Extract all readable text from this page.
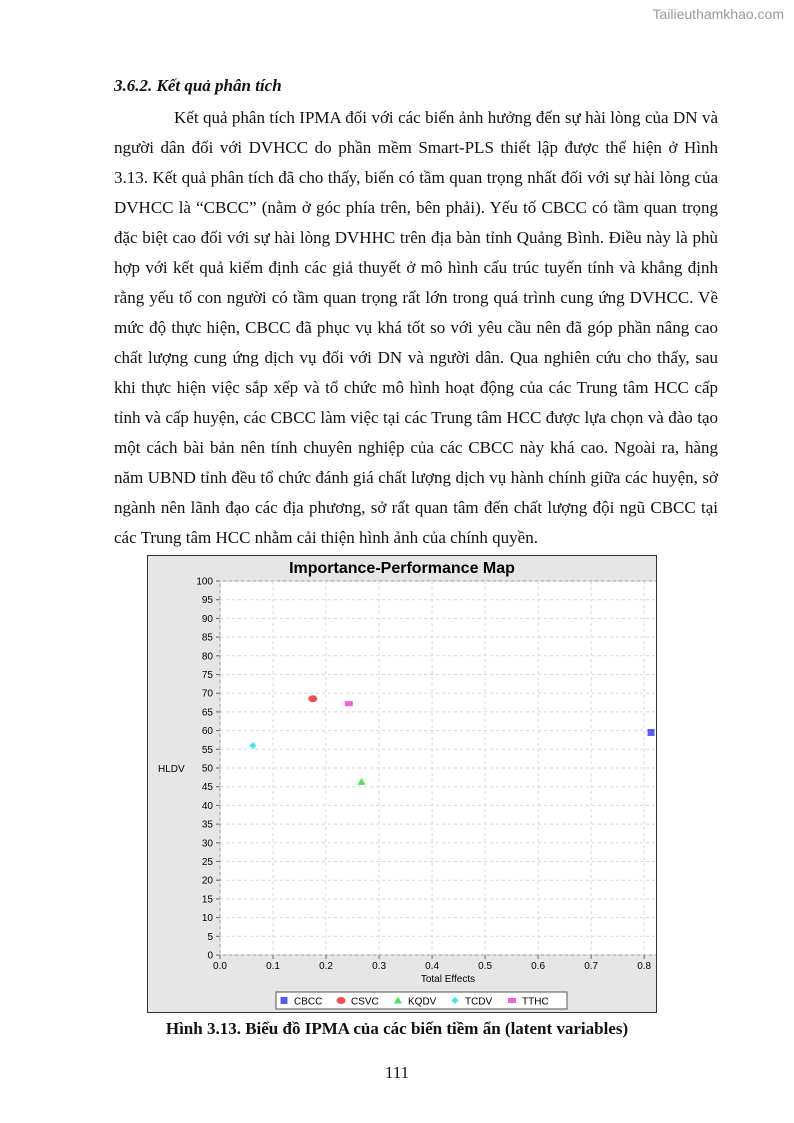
Tailieuthamkhao.com
3.6.2. Kết quả phân tích

Kết quả phân tích IPMA đối với các biến ảnh hưởng đến sự hài lòng của DN và người dân đối với DVHCC do phần mềm Smart-PLS thiết lập được thể hiện ở Hình 3.13. Kết quả phân tích đã cho thấy, biến có tầm quan trọng nhất đối với sự hài lòng của DVHCC là “CBCC” (nằm ở góc phía trên, bên phải). Yếu tố CBCC có tầm quan trọng đặc biệt cao đối với sự hài lòng DVHHC trên địa bàn tỉnh Quảng Bình. Điều này là phù hợp với kết quả kiểm định các giả thuyết ở mô hình cấu trúc tuyến tính và khẳng định rằng yếu tố con người có tầm quan trọng rất lớn trong quá trình cung ứng DVHCC. Về mức độ thực hiện, CBCC đã phục vụ khá tốt so với yêu cầu nên đã góp phần nâng cao chất lượng cung ứng dịch vụ đối với DN và người dân. Qua nghiên cứu cho thấy, sau khi thực hiện việc sắp xếp và tổ chức mô hình hoạt động của các Trung tâm HCC cấp tỉnh và cấp huyện, các CBCC làm việc tại các Trung tâm HCC được lựa chọn và đào tạo một cách bài bản nên tính chuyên nghiệp của các CBCC này khá cao. Ngoài ra, hàng năm UBND tỉnh đều tổ chức đánh giá chất lượng dịch vụ hành chính giữa các huyện, sở ngành nên lãnh đạo các địa phương, sở rất quan tâm đến chất lượng đội ngũ CBCC tại các Trung tâm HCC nhằm cải thiện hình ảnh của chính quyền.

Importance-Performance Map
0
5
10
15
20
25
30
35
40
45
50
55
60
65
70
75
80
85
90
95
100
0.0	0.1	0.2	0.3	0.4	0.5	0.6	0.7	0.8
Total Effects
HLDV
CBCC	CSVC	KQDV	TCDV	TTHC

Hình 3.13. Biểu đồ IPMA của các biến tiềm ẩn (latent variables)

111
